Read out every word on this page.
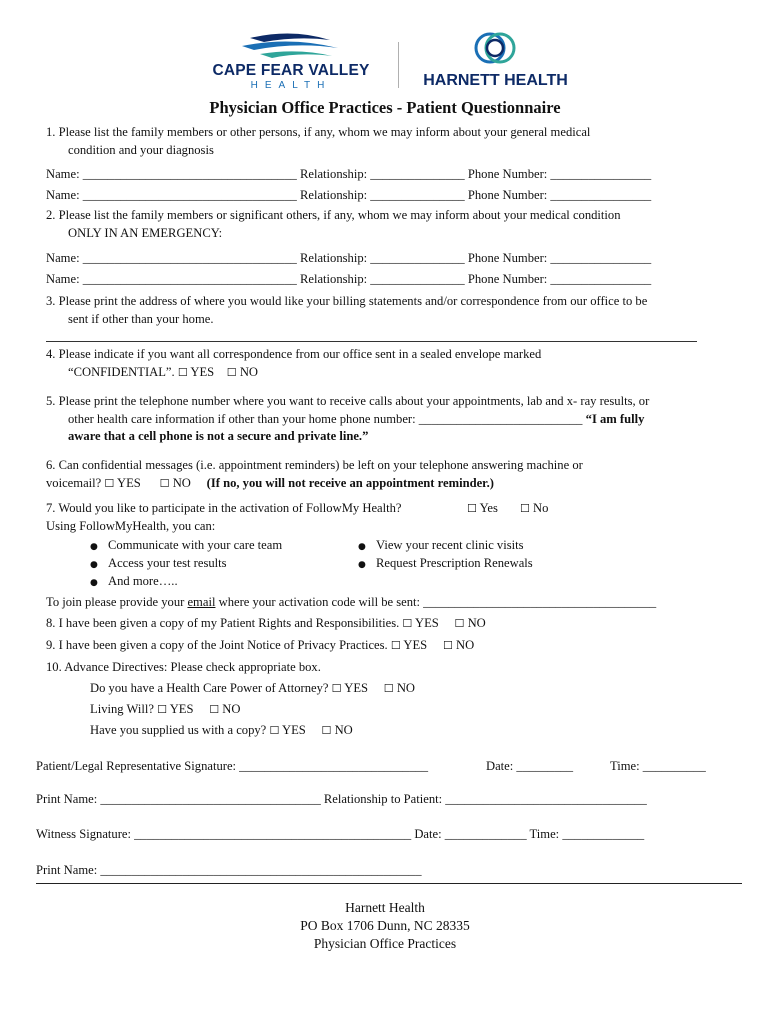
CAPE FEAR VALLEY
HEALTH	HARNETT HEALTH
Physician Office Practices - Patient Questionnaire
1. Please list the family members or other persons, if any, whom we may inform about your general medical
condition and your diagnosis
Name: __________________________________ Relationship: _______________ Phone Number: ________________
Name: __________________________________ Relationship: _______________ Phone Number: ________________
2. Please list the family members or significant others, if any, whom we may inform about your medical condition
ONLY IN AN EMERGENCY:
Name: __________________________________ Relationship: _______________ Phone Number: ________________
Name: __________________________________ Relationship: _______________ Phone Number: ________________
3. Please print the address of where you would like your billing statements and/or correspondence from our office to be
sent if other than your home.
4. Please indicate if you want all correspondence from our office sent in a sealed envelope marked
“CONFIDENTIAL”. ☐ YES ☐ NO
5. Please print the telephone number where you want to receive calls about your appointments, lab and x- ray results, or
other health care information if other than your home phone number: __________________________ “I am fully
aware that a cell phone is not a secure and private line.”
6. Can confidential messages (i.e. appointment reminders) be left on your telephone answering machine or
voicemail? ☐ YES ☐ NO (If no, you will not receive an appointment reminder.)
7. Would you like to participate in the activation of FollowMy Health?	☐ Yes ☐ No
Using FollowMyHealth, you can:
● Communicate with your care team
● Access your test results
● And more…..
● View your recent clinic visits
● Request Prescription Renewals
To join please provide your email where your activation code will be sent: _____________________________________
8. I have been given a copy of my Patient Rights and Responsibilities. ☐ YES ☐ NO
9. I have been given a copy of the Joint Notice of Privacy Practices. ☐ YES ☐ NO
10. Advance Directives: Please check appropriate box.
Do you have a Health Care Power of Attorney? ☐ YES ☐ NO
Living Will? ☐ YES ☐ NO
Have you supplied us with a copy? ☐ YES ☐ NO
Patient/Legal Representative Signature: ______________________________	Date: _________	Time: __________
Print Name: ___________________________________ Relationship to Patient: ________________________________
Witness Signature: ____________________________________________ Date: _____________ Time: _____________
Print Name: ___________________________________________________
Harnett Health
PO Box 1706 Dunn, NC 28335
Physician Office Practices
